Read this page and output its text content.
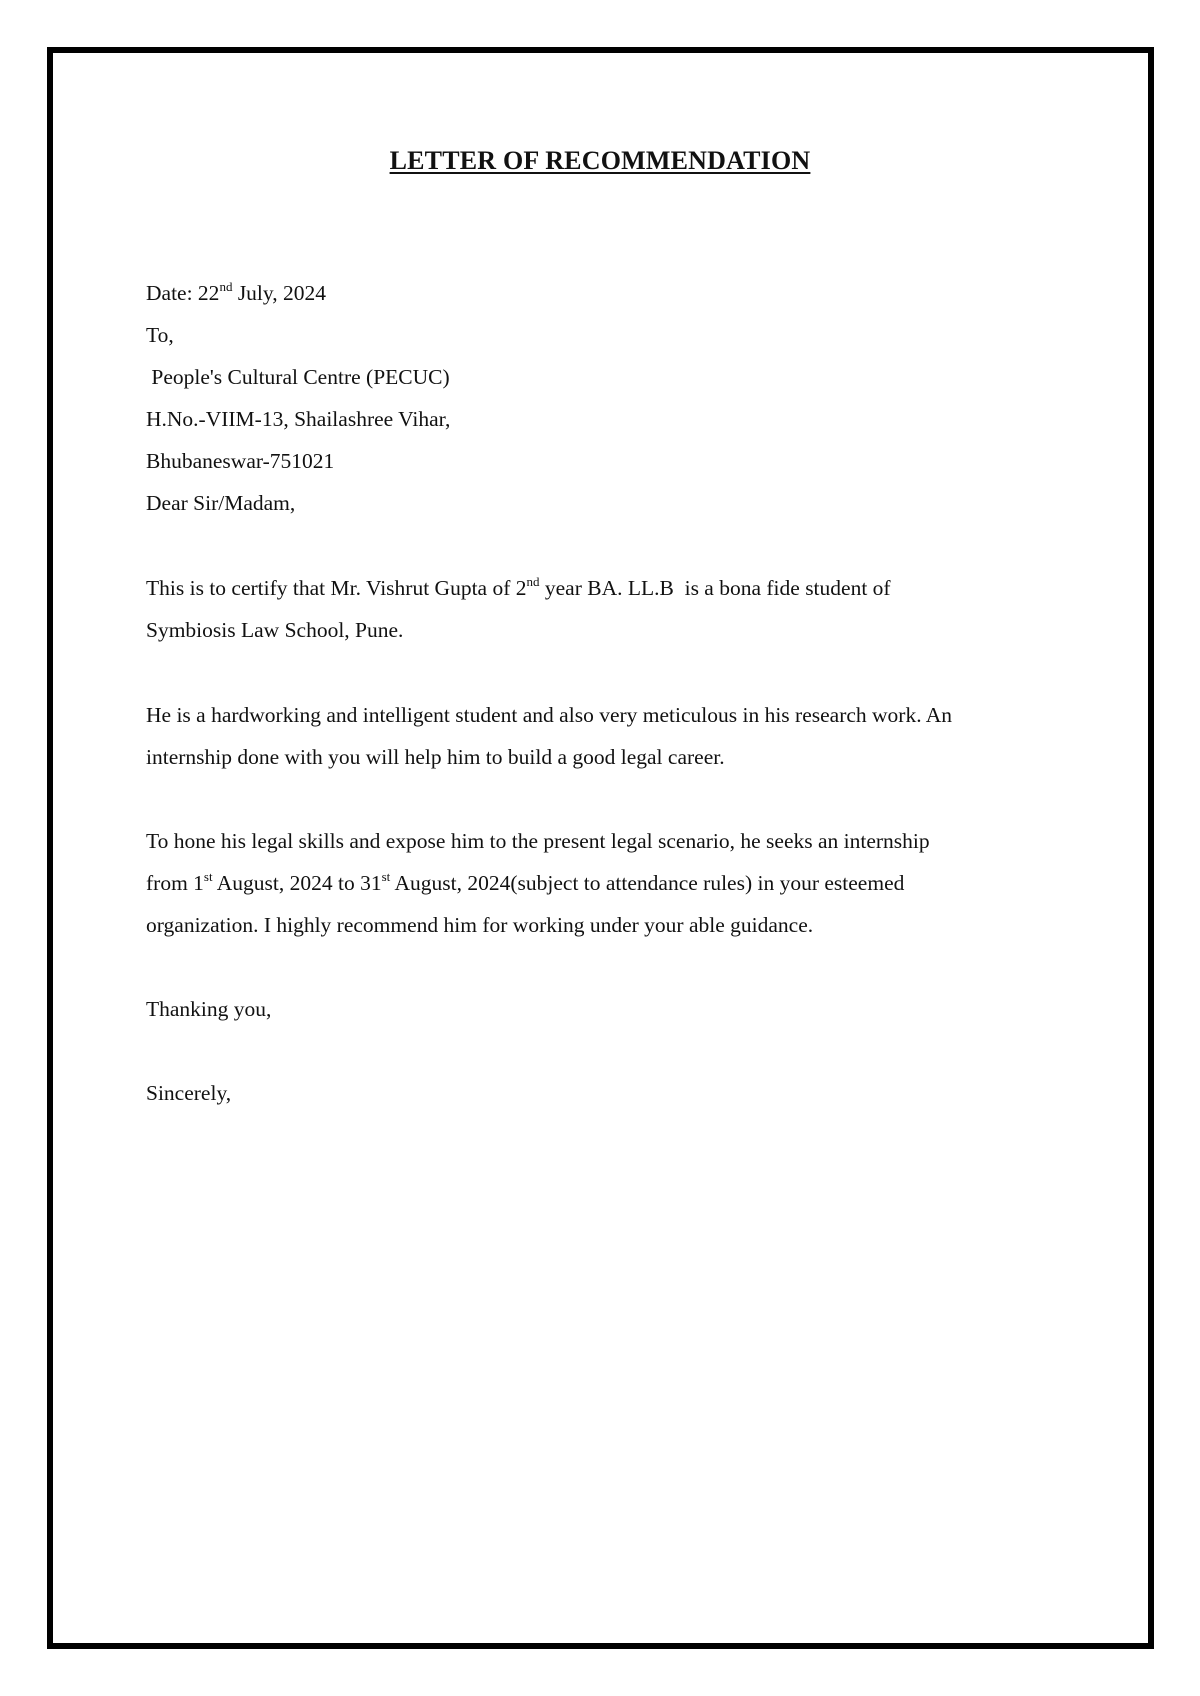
LETTER OF RECOMMENDATION
Date: 22nd July, 2024
To,
People's Cultural Centre (PECUC)
H.No.-VIIM-13, Shailashree Vihar,
Bhubaneswar-751021
Dear Sir/Madam,
This is to certify that Mr. Vishrut Gupta of 2nd year BA. LL.B  is a bona fide student of
Symbiosis Law School, Pune.
He is a hardworking and intelligent student and also very meticulous in his research work. An
internship done with you will help him to build a good legal career.
To hone his legal skills and expose him to the present legal scenario, he seeks an internship
from 1st August, 2024 to 31st August, 2024(subject to attendance rules) in your esteemed
organization. I highly recommend him for working under your able guidance.
Thanking you,
Sincerely,
